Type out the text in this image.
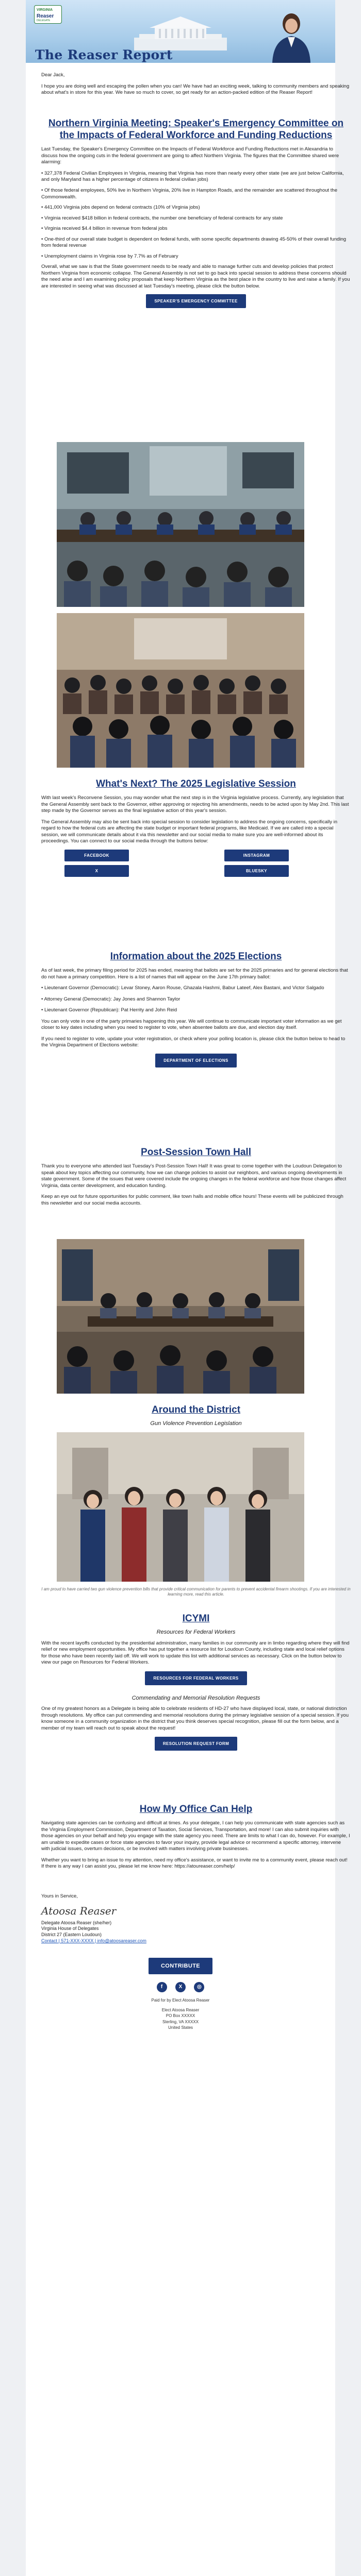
VIRGINIA
Reaser
DELEGATE
The Reaser Report

Dear Jack,

I hope you are doing well and escaping the pollen when you can! We have had an exciting week, talking to community members and speaking about what's in store for this year. We have so much to cover, so get ready for an action-packed edition of the Reaser Report!

Northern Virginia Meeting: Speaker's Emergency Committee on the Impacts of Federal Workforce and Funding Reductions

Last Tuesday, the Speaker's Emergency Committee on the Impacts of Federal Workforce and Funding Reductions met in Alexandria to discuss how the ongoing cuts in the federal government are going to affect Northern Virginia. The figures that the Committee shared were alarming:

• 327,378 Federal Civilian Employees in Virginia, meaning that Virginia has more than nearly every other state (we are just below California, and only Maryland has a higher percentage of citizens in federal civilian jobs)

• Of those federal employees, 50% live in Northern Virginia, 20% live in Hampton Roads, and the remainder are scattered throughout the Commonwealth.

• 441,000 Virginia jobs depend on federal contracts (10% of Virginia jobs)

• Virginia received $418 billion in federal contracts, the number one beneficiary of federal contracts for any state

• Virginia received $4.4 billion in revenue from federal jobs

• One-third of our overall state budget is dependent on federal funds, with some specific departments drawing 45-50% of their overall funding from federal revenue

• Unemployment claims in Virginia rose by 7.7% as of February

Overall, what we saw is that the State government needs to be ready and able to manage further cuts and develop policies that protect Northern Virginia from economic collapse. The General Assembly is not set to go back into special session to address these concerns should the need arise and I am examining policy proposals that keep Northern Virginia as the best place in the country to live and raise a family. If you are interested in seeing what was discussed at last Tuesday's meeting, please click the button below.

SPEAKER'S EMERGENCY COMMITTEE
What's Next? The 2025 Legislative Session

With last week's Reconvene Session, you may wonder what the next step is in the Virginia legislative process. Currently, any legislation that the General Assembly sent back to the Governor, either approving or rejecting his amendments, needs to be acted upon by May 2nd. This last step made by the Governor serves as the final legislative action of this year's session.

The General Assembly may also be sent back into special session to consider legislation to address the ongoing concerns, specifically in regard to how the federal cuts are affecting the state budget or important federal programs, like Medicaid. If we are called into a special session, we will communicate details about it via this newsletter and our social media to make sure you are well-informed about its proceedings. You can connect to our social media through the buttons below:

FACEBOOK	INSTAGRAM
X	BLUESKY
Information about the 2025 Elections

As of last week, the primary filing period for 2025 has ended, meaning that ballots are set for the 2025 primaries and for general elections that do not have a primary competition. Here is a list of names that will appear on the June 17th primary ballot:

• Lieutenant Governor (Democratic): Levar Stoney, Aaron Rouse, Ghazala Hashmi, Babur Lateef, Alex Bastani, and Victor Salgado

• Attorney General (Democratic): Jay Jones and Shannon Taylor

• Lieutenant Governor (Republican): Pat Herrity and John Reid

You can only vote in one of the party primaries happening this year. We will continue to communicate important voter information as we get closer to key dates including when you need to register to vote, when absentee ballots are due, and election day itself.

If you need to register to vote, update your voter registration, or check where your polling location is, please click the button below to head to the Virginia Department of Elections website:

DEPARTMENT OF ELECTIONS
Post-Session Town Hall

Thank you to everyone who attended last Tuesday's Post-Session Town Hall! It was great to come together with the Loudoun Delegation to speak about key topics affecting our community, how we can change policies to assist our neighbors, and various ongoing developments in state government. Some of the issues that were covered include the ongoing changes in the federal workforce and how those changes affect Virginia, data center development, and education funding.

Keep an eye out for future opportunities for public comment, like town halls and mobile office hours! These events will be publicized through this newsletter and our social media accounts.

Around the District

Gun Violence Prevention Legislation

I am proud to have carried two gun violence prevention bills that provide critical communication for parents to prevent accidental firearm shootings. If you are interested in learning more, read this article.

ICYMI

Resources for Federal Workers

With the recent layoffs conducted by the presidential administration, many families in our community are in limbo regarding where they will find relief or new employment opportunities. My office has put together a resource list for Loudoun County, including state and local relief options for those who have been recently laid off. We will work to update this list with additional services as necessary. Click on the button below to view our page on Resources for Federal Workers.

RESOURCES FOR FEDERAL WORKERS

Commendating and Memorial Resolution Requests

One of my greatest honors as a Delegate is being able to celebrate residents of HD-27 who have displayed local, state, or national distinction through resolutions. My office can put commending and memorial resolutions during the primary legislative session of a special session. If you know someone in a community organization in the district that you think deserves special recognition, please fill out the form below, and a member of my team will reach out to speak about the request!

RESOLUTION REQUEST FORM
How My Office Can Help

Navigating state agencies can be confusing and difficult at times. As your delegate, I can help you communicate with state agencies such as the Virginia Employment Commission, Department of Taxation, Social Services, Transportation, and more! I can also submit inquiries with those agencies on your behalf and help you engage with the state agency you need. There are limits to what I can do, however. For example, I am unable to expedite cases or force state agencies to favor your inquiry, provide legal advice or recommend a specific attorney, intervene with judicial issues, overturn decisions, or be involved with matters involving private businesses.

Whether you want to bring an issue to my attention, need my office's assistance, or want to invite me to a community event, please reach out! If there is any way I can assist you, please let me know here: https://atoureaser.com/help/

Yours in Service,

Atoosa Reaser

Delegate Atoosa Reaser (she/her)

Virginia House of Delegates

District 27 (Eastern Loudoun)

Contact | 571-XXX-XXXX | info@atoosareaser.com

CONTRIBUTE
f	X	◎
Paid for by Elect Atoosa Reaser
Elect Atoosa Reaser
PO Box XXXXX
Sterling, VA XXXXX
United States
